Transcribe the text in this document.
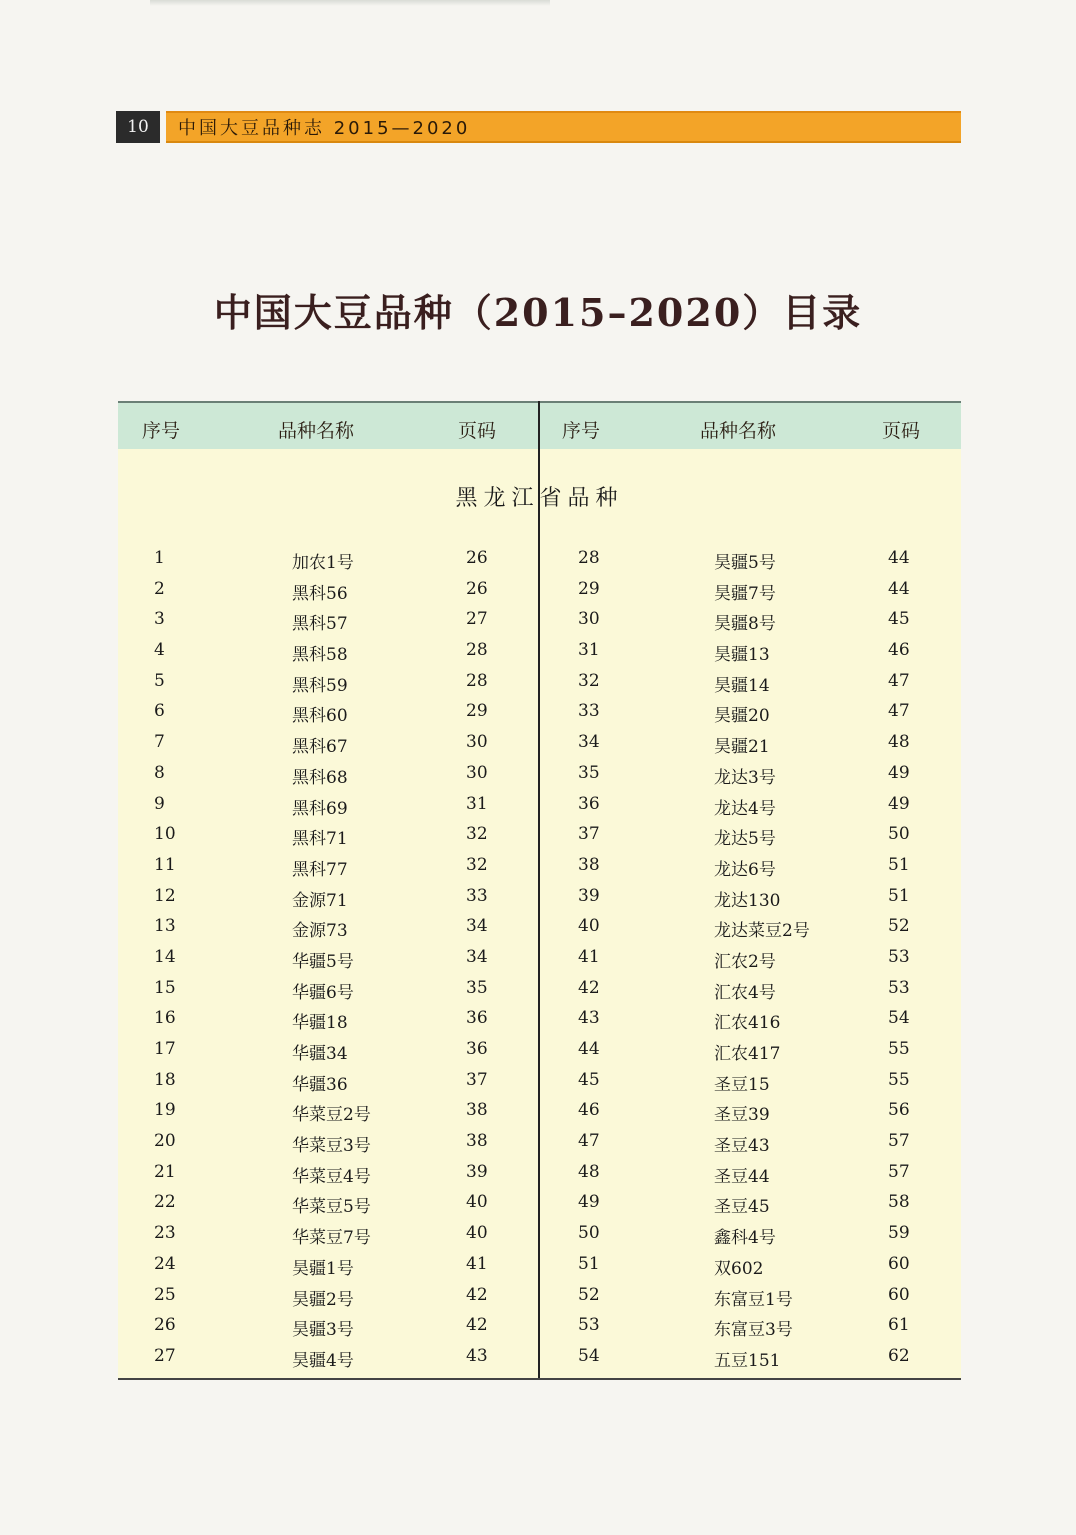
10	中国大豆品种志 2015—2020
中国大豆品种（2015–2020）目录
序号	品种名称	页码	序号	品种名称	页码
黑龙江省品种
1	加农1号	26	28	昊疆5号	44
2	黑科56	26	29	昊疆7号	44
3	黑科57	27	30	昊疆8号	45
4	黑科58	28	31	昊疆13	46
5	黑科59	28	32	昊疆14	47
6	黑科60	29	33	昊疆20	47
7	黑科67	30	34	昊疆21	48
8	黑科68	30	35	龙达3号	49
9	黑科69	31	36	龙达4号	49
10	黑科71	32	37	龙达5号	50
11	黑科77	32	38	龙达6号	51
12	金源71	33	39	龙达130	51
13	金源73	34	40	龙达菜豆2号	52
14	华疆5号	34	41	汇农2号	53
15	华疆6号	35	42	汇农4号	53
16	华疆18	36	43	汇农416	54
17	华疆34	36	44	汇农417	55
18	华疆36	37	45	圣豆15	55
19	华菜豆2号	38	46	圣豆39	56
20	华菜豆3号	38	47	圣豆43	57
21	华菜豆4号	39	48	圣豆44	57
22	华菜豆5号	40	49	圣豆45	58
23	华菜豆7号	40	50	鑫科4号	59
24	昊疆1号	41	51	双602	60
25	昊疆2号	42	52	东富豆1号	60
26	昊疆3号	42	53	东富豆3号	61
27	昊疆4号	43	54	五豆151	62
